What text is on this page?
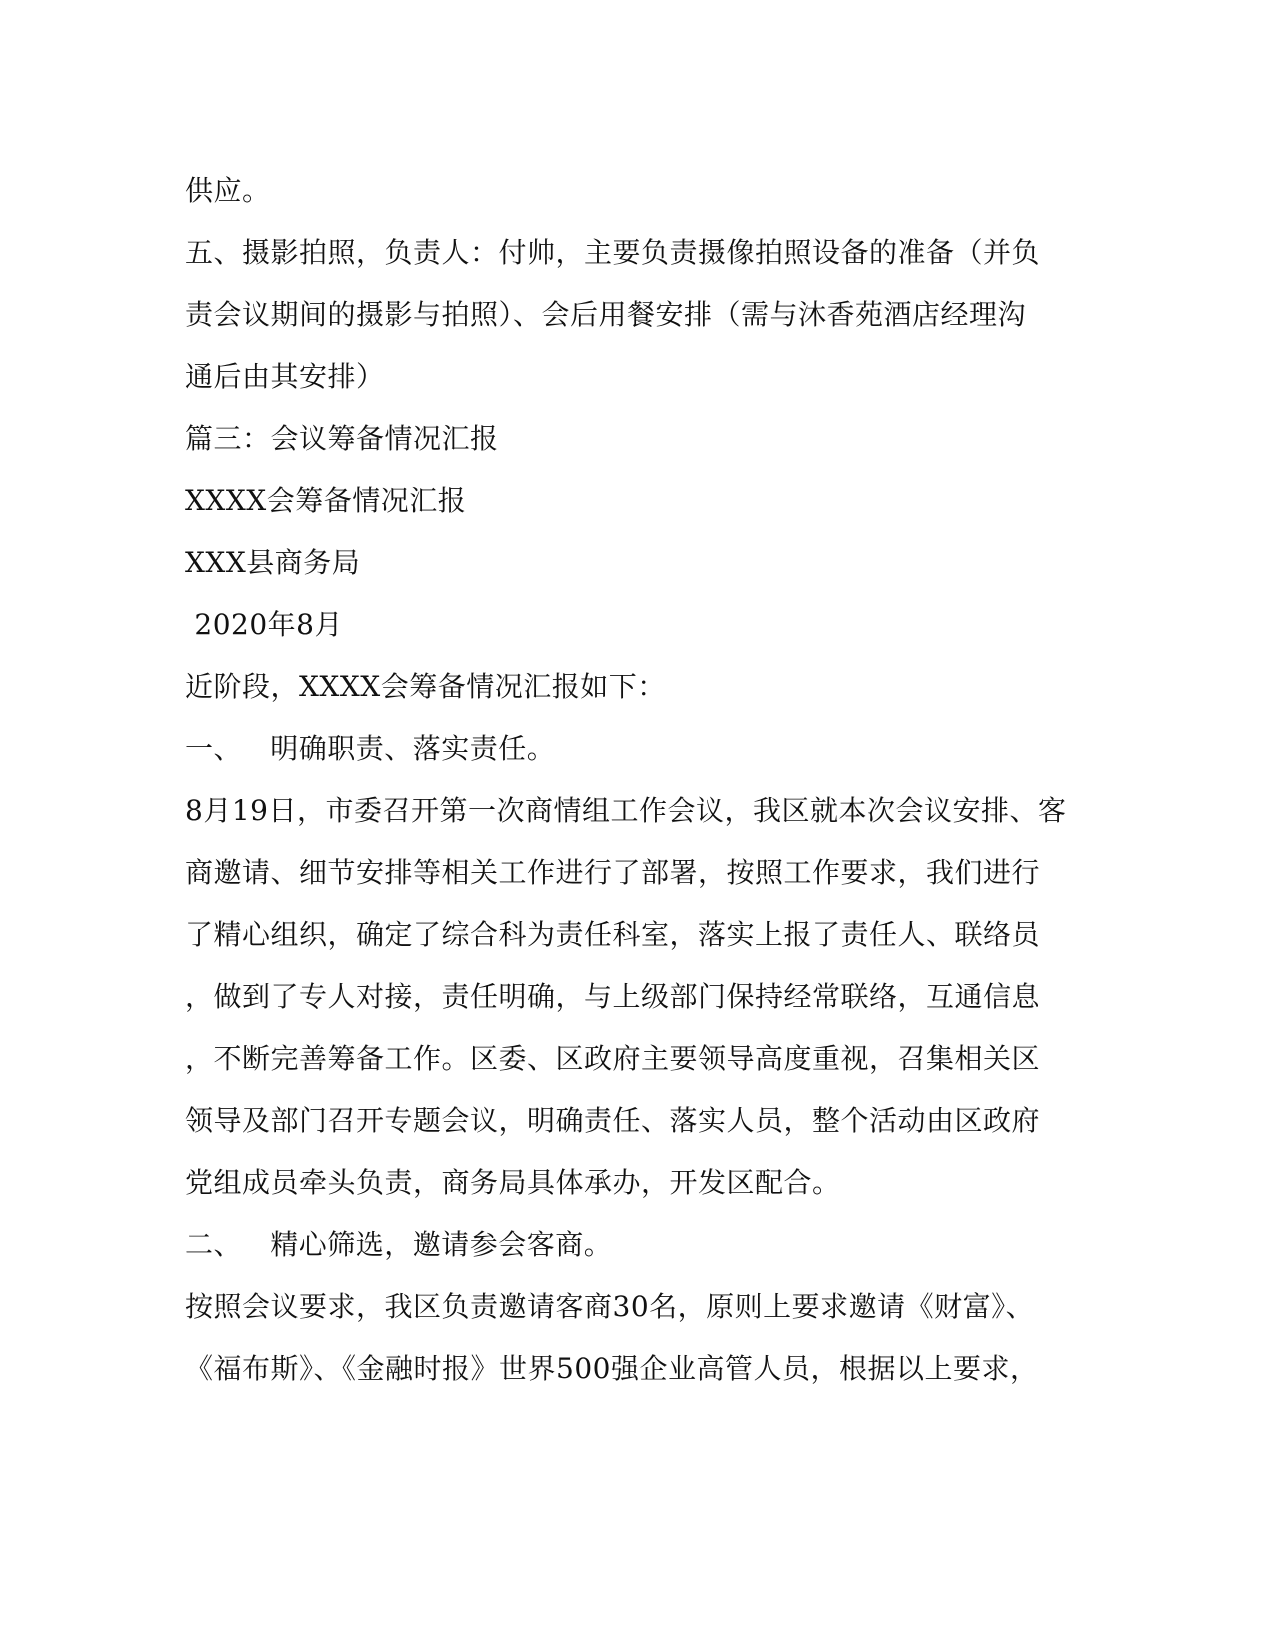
供应。
五、摄影拍照，负责人：付帅，主要负责摄像拍照设备的准备（并负
责会议期间的摄影与拍照）、会后用餐安排（需与沐香苑酒店经理沟
通后由其安排）
篇三：会议筹备情况汇报
XXXX会筹备情况汇报
XXX县商务局
2020年8月
近阶段，XXXX会筹备情况汇报如下：
一、   明确职责、落实责任。
8月19日，市委召开第一次商情组工作会议，我区就本次会议安排、客
商邀请、细节安排等相关工作进行了部署，按照工作要求，我们进行
了精心组织，确定了综合科为责任科室，落实上报了责任人、联络员
，做到了专人对接，责任明确，与上级部门保持经常联络，互通信息
，不断完善筹备工作。区委、区政府主要领导高度重视，召集相关区
领导及部门召开专题会议，明确责任、落实人员，整个活动由区政府
党组成员牵头负责，商务局具体承办，开发区配合。
二、   精心筛选，邀请参会客商。
按照会议要求，我区负责邀请客商30名，原则上要求邀请《财富》、
《福布斯》、《金融时报》世界500强企业高管人员，根据以上要求，
